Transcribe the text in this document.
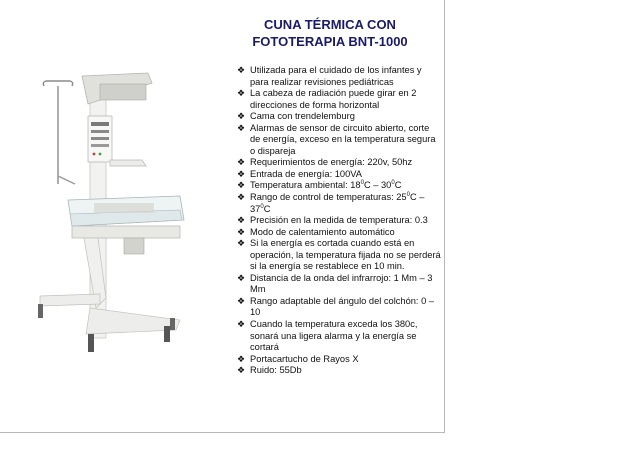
CUNA TÉRMICA CON
FOTOTERAPIA BNT-1000
❖ Utilizada para el cuidado de los infantes y para realizar revisiones pediátricas
❖ La cabeza de radiación puede girar en 2 direcciones de forma horizontal
❖ Cama con trendelemburg
❖ Alarmas de sensor de circuito abierto, corte de energía, exceso en la temperatura segura o dispareja
❖ Requerimientos de energía: 220v, 50hz
❖ Entrada de energía: 100VA
❖ Temperatura ambiental: $18^0C - 30^0C$
❖ Rango de control de temperaturas: $25^0C - 37^0C$
❖ Precisión en la medida de temperatura: 0.3
❖ Modo de calentamiento automático
❖ Si la energía es cortada cuando está en operación, la temperatura fijada no se perderá si la energía se restablece en 10 min.
❖ Distancia de la onda del infrarrojo: 1 Mm – 3 Mm
❖ Rango adaptable del ángulo del colchón: 0 – 10
❖ Cuando la temperatura exceda los 380c, sonará una ligera alarma y la energía se cortará
❖ Portacartucho de Rayos X
❖ Ruido: 55Db
